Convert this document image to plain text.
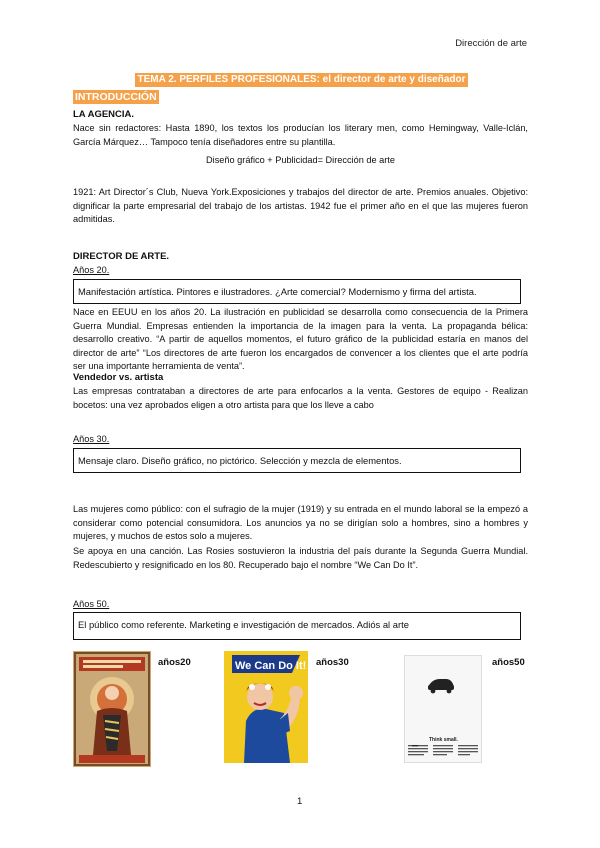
Dirección de arte
TEMA 2. PERFILES PROFESIONALES: el director de arte y diseñador
INTRODUCCIÓN
LA AGENCIA.

Nace sin redactores: Hasta 1890, los textos los producían los literary men, como Hemingway, Valle-Iclán, García Márquez… Tampoco tenía diseñadores entre su plantilla.

Diseño gráfico + Publicidad= Dirección de arte

1921: Art Director´s Club, Nueva York.Exposiciones y trabajos del director de arte. Premios anuales. Objetivo: dignificar la parte empresarial del trabajo de los artistas. 1942 fue el primer año en el que las mujeres fueron admitidas.

DIRECTOR DE ARTE.
Años 20.
Manifestación artística. Pintores e ilustradores. ¿Arte comercial? Modernismo y firma del artista.

Nace en EEUU en los años 20. La ilustración en publicidad se desarrolla como consecuencia de la Primera Guerra Mundial. Empresas entienden la importancia de la imagen para la venta. La propaganda bélica: desarrollo creativo. “A partir de aquellos momentos, el futuro gráfico de la publicidad estaría en manos del director de arte” “Los directores de arte fueron los encargados de convencer a los clientes que el arte podría ser una importante herramienta de venta”.

Vendedor vs. artista

Las empresas contrataban a directores de arte para enfocarlos a la venta. Gestores de equipo - Realizan bocetos: una vez aprobados eligen a otro artista para que los lleve a cabo

Años 30.
Mensaje claro. Diseño gráfico, no pictórico. Selección y mezcla de elementos.

Las mujeres como público: con el sufragio de la mujer (1919) y su entrada en el mundo laboral se la empezó a considerar como potencial consumidora. Los anuncios ya no se dirigían solo a hombres, sino a hombres y mujeres, y muchos de estos solo a mujeres.

Se apoya en una canción. Las Rosies sostuvieron la industria del país durante la Segunda Guerra Mundial. Redescubierto y resignificado en los 80. Recuperado bajo el nombre “We Can Do It”.

Años 50.
El público como referente. Marketing e investigación de mercados. Adiós al arte
años20	We Can Do It! años30
Think small.
años50
1
